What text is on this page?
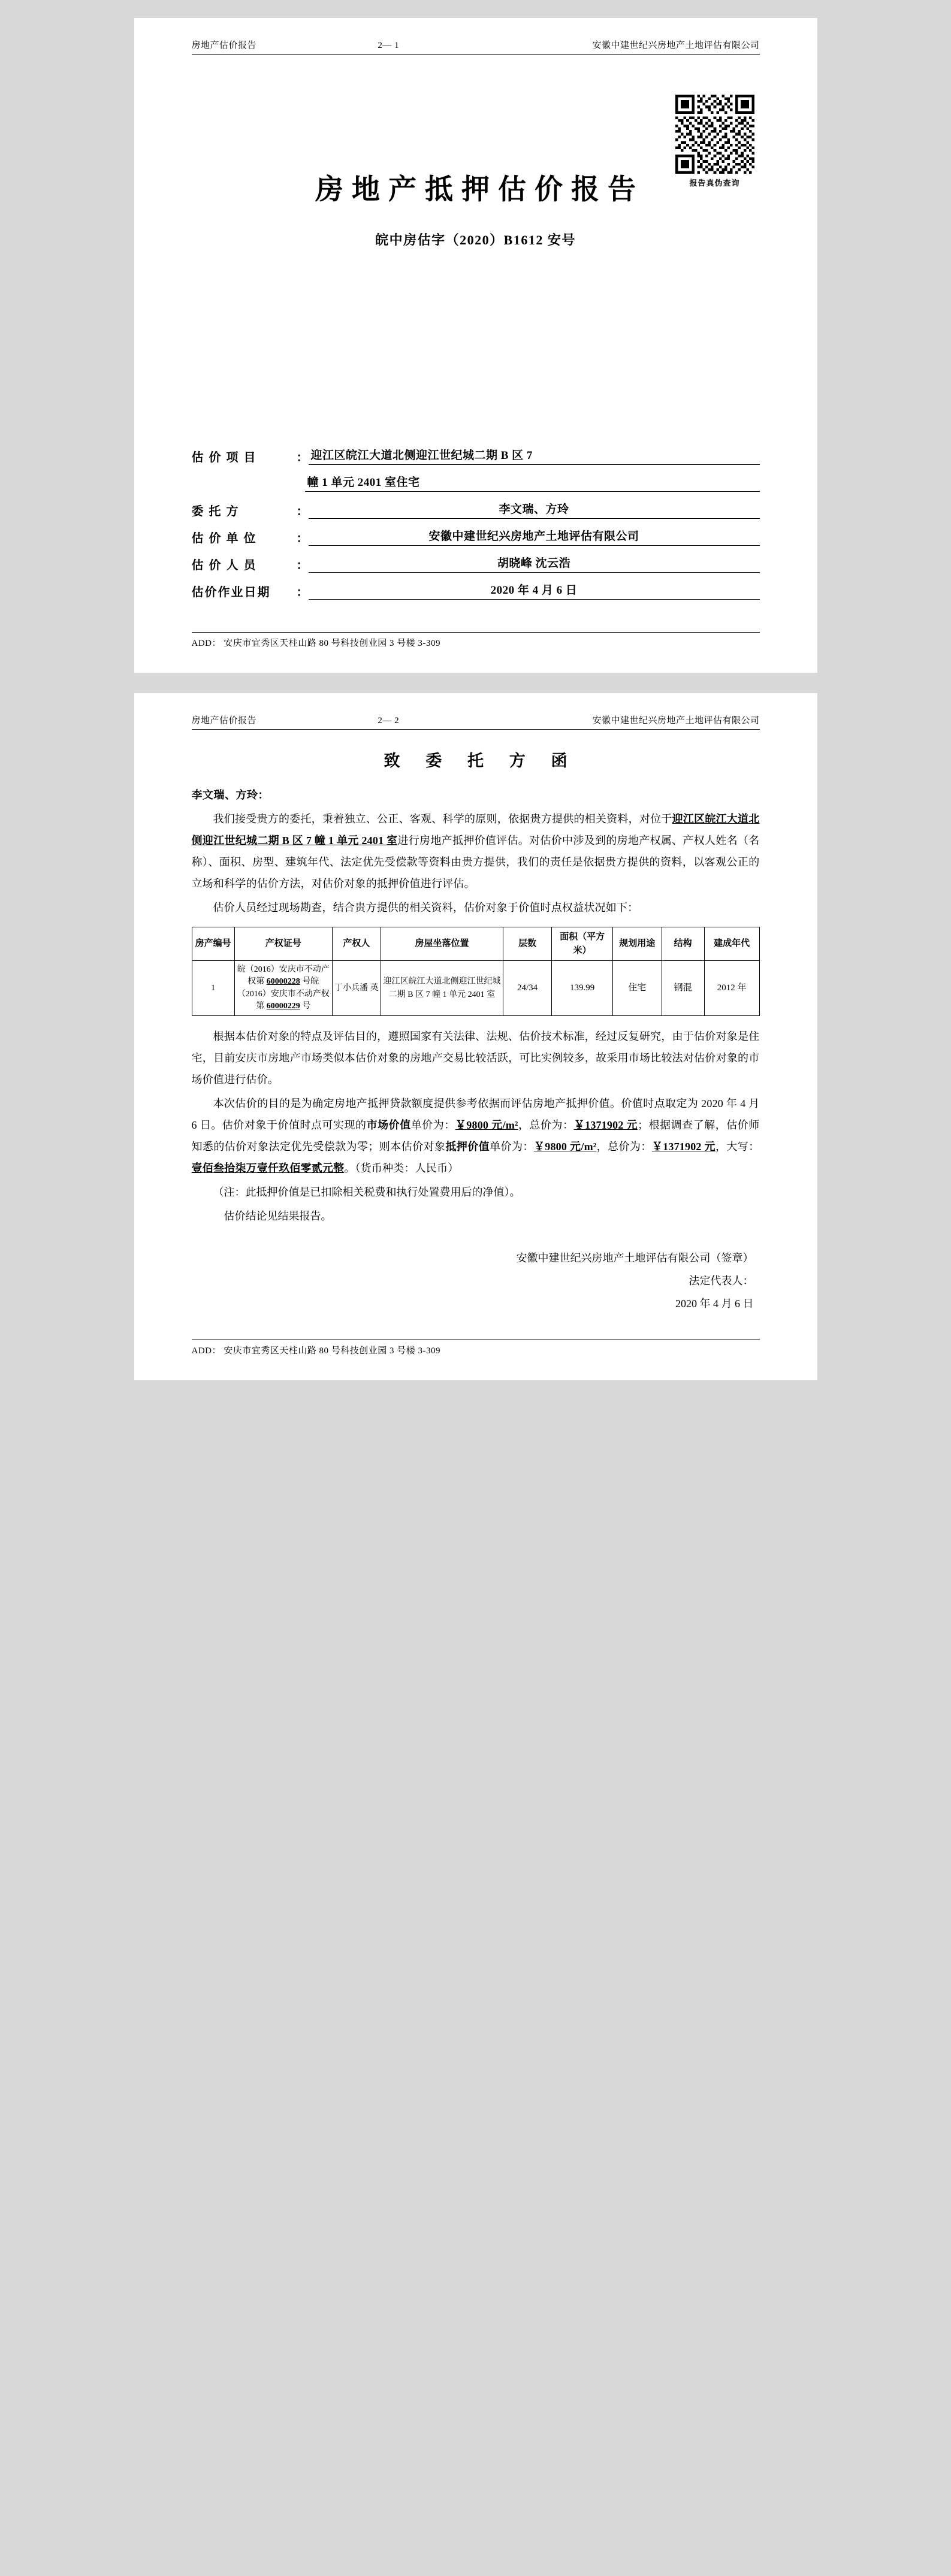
房地产估价报告	2— 1	安徽中建世纪兴房地产土地评估有限公司
报告真伪查询
房地产抵押估价报告
皖中房估字（2020）B1612 安号
估 价 项 目	： 迎江区皖江大道北侧迎江世纪城二期 B 区 7
幢 1 单元 2401 室住宅
委 托 方	：	李文瑞、方玲
估 价 单 位	：	安徽中建世纪兴房地产土地评估有限公司
估 价 人 员	：	胡晓峰 沈云浩
估价作业日期	：	2020 年 4 月 6 日
ADD： 安庆市宜秀区天柱山路 80 号科技创业园 3 号楼 3-309
房地产估价报告	2— 2	安徽中建世纪兴房地产土地评估有限公司
致 委 托 方 函
李文瑞、方玲：

我们接受贵方的委托，秉着独立、公正、客观、科学的原则，依据贵方提供的相关资料，对位于迎江区皖江大道北侧迎江世纪城二期 B 区 7 幢 1 单元 2401 室进行房地产抵押价值评估。对估价中涉及到的房地产权属、产权人姓名（名称）、面积、房型、建筑年代、法定优先受偿款等资料由贵方提供，我们的责任是依据贵方提供的资料，以客观公正的立场和科学的估价方法，对估价对象的抵押价值进行评估。

估价人员经过现场勘查，结合贵方提供的相关资料，估价对象于价值时点权益状况如下：

房产编号	产权证号	产权人	房屋坐落位置	层数	面积（平方米）	规划用途	结构	建成年代
1	皖（2016）安庆市不动产权第 60000228 号皖（2016）安庆市不动产权第 60000229 号	丁小兵潘 英	迎江区皖江大道北侧迎江世纪城二期 B 区 7 幢 1 单元 2401 室	24/34	139.99	住宅	钢混	2012 年

根据本估价对象的特点及评估目的，遵照国家有关法律、法规、估价技术标准，经过反复研究，由于估价对象是住宅，目前安庆市房地产市场类似本估价对象的房地产交易比较活跃，可比实例较多，故采用市场比较法对估价对象的市场价值进行估价。

本次估价的目的是为确定房地产抵押贷款额度提供参考依据而评估房地产抵押价值。价值时点取定为 2020 年 4 月 6 日。估价对象于价值时点可实现的市场价值单价为：￥9800 元/m²，总价为：￥1371902 元；根据调查了解，估价师知悉的估价对象法定优先受偿款为零；则本估价对象抵押价值单价为：￥9800 元/m²，总价为：￥1371902 元，大写：壹佰叁拾柒万壹仟玖佰零贰元整。（货币种类：人民币）

（注：此抵押价值是已扣除相关税费和执行处置费用后的净值）。

估价结论见结果报告。

安徽中建世纪兴房地产土地评估有限公司（签章）
法定代表人：
2020 年 4 月 6 日
ADD： 安庆市宜秀区天柱山路 80 号科技创业园 3 号楼 3-309
